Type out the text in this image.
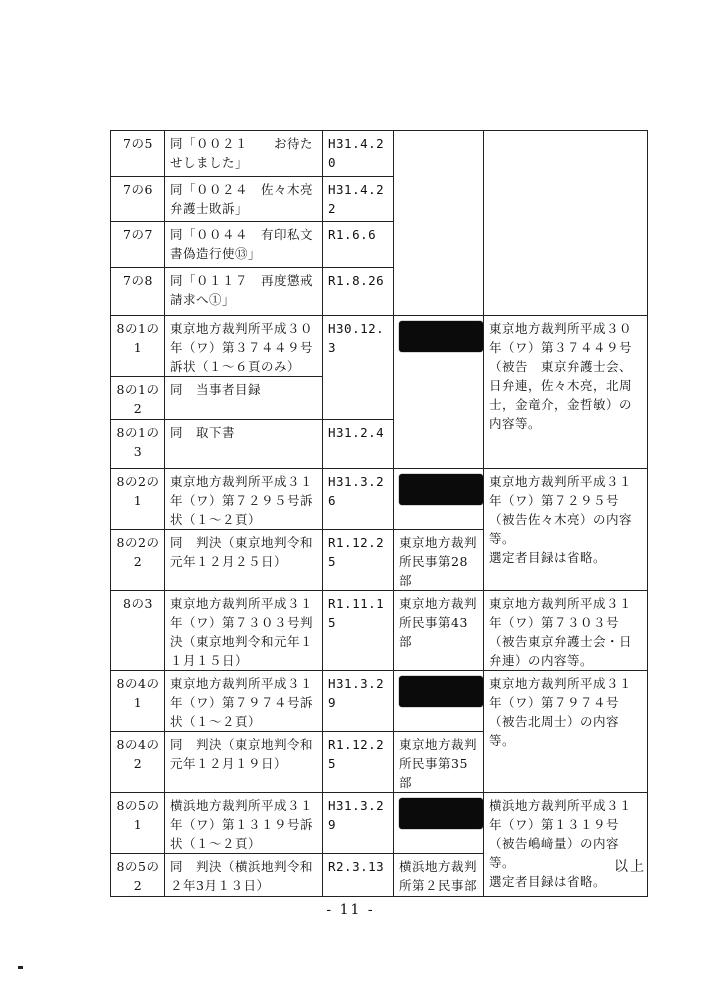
7の5	同「００２１　　お待たせしました」	H31.4.20		
7の6	同「００２４　佐々木亮弁護士敗訴」	H31.4.22		
7の7	同「００４４　有印私文書偽造行使⑬」	R1.6.6		
7の8	同「０１１７　再度懲戒請求へ①」	R1.8.26		
8の1の1	東京地方裁判所平成３０年（ワ）第３７４４９号訴状（１～６頁のみ）	H30.12.3		東京地方裁判所平成３０年（ワ）第３７４４９号（被告　東京弁護士会、日弁連，佐々木亮，北周士，金竜介，金哲敏）の内容等。
8の1の2	同　当事者目録			
8の1の3	同　取下書	H31.2.4		
8の2の1	東京地方裁判所平成３１年（ワ）第７２９５号訴状（１～２頁）	H31.3.26		東京地方裁判所平成３１年（ワ）第７２９５号（被告佐々木亮）の内容等。
選定者目録は省略。
8の2の2	同　判決（東京地判令和元年１２月２５日）	R1.12.25	東京地方裁判所民事第28部	
8の3	東京地方裁判所平成３１年（ワ）第７３０３号判決（東京地判令和元年１１月１５日）	R1.11.15	東京地方裁判所民事第43部	東京地方裁判所平成３１年（ワ）第７３０３号（被告東京弁護士会・日弁連）の内容等。
8の4の1	東京地方裁判所平成３１年（ワ）第７９７４号訴状（１～２頁）	H31.3.29		東京地方裁判所平成３１年（ワ）第７９７４号（被告北周士）の内容等。
8の4の2	同　判決（東京地判令和元年１２月１９日）	R1.12.25	東京地方裁判所民事第35部	
8の5の1	横浜地方裁判所平成３１年（ワ）第１３１９号訴状（１～２頁）	H31.3.29		横浜地方裁判所平成３１年（ワ）第１３１９号（被告嶋﨑量）の内容等。
選定者目録は省略。
8の5の2	同　判決（横浜地判令和２年3月１３日）	R2.3.13	横浜地方裁判所第２民事部	
以上
- 11 -
